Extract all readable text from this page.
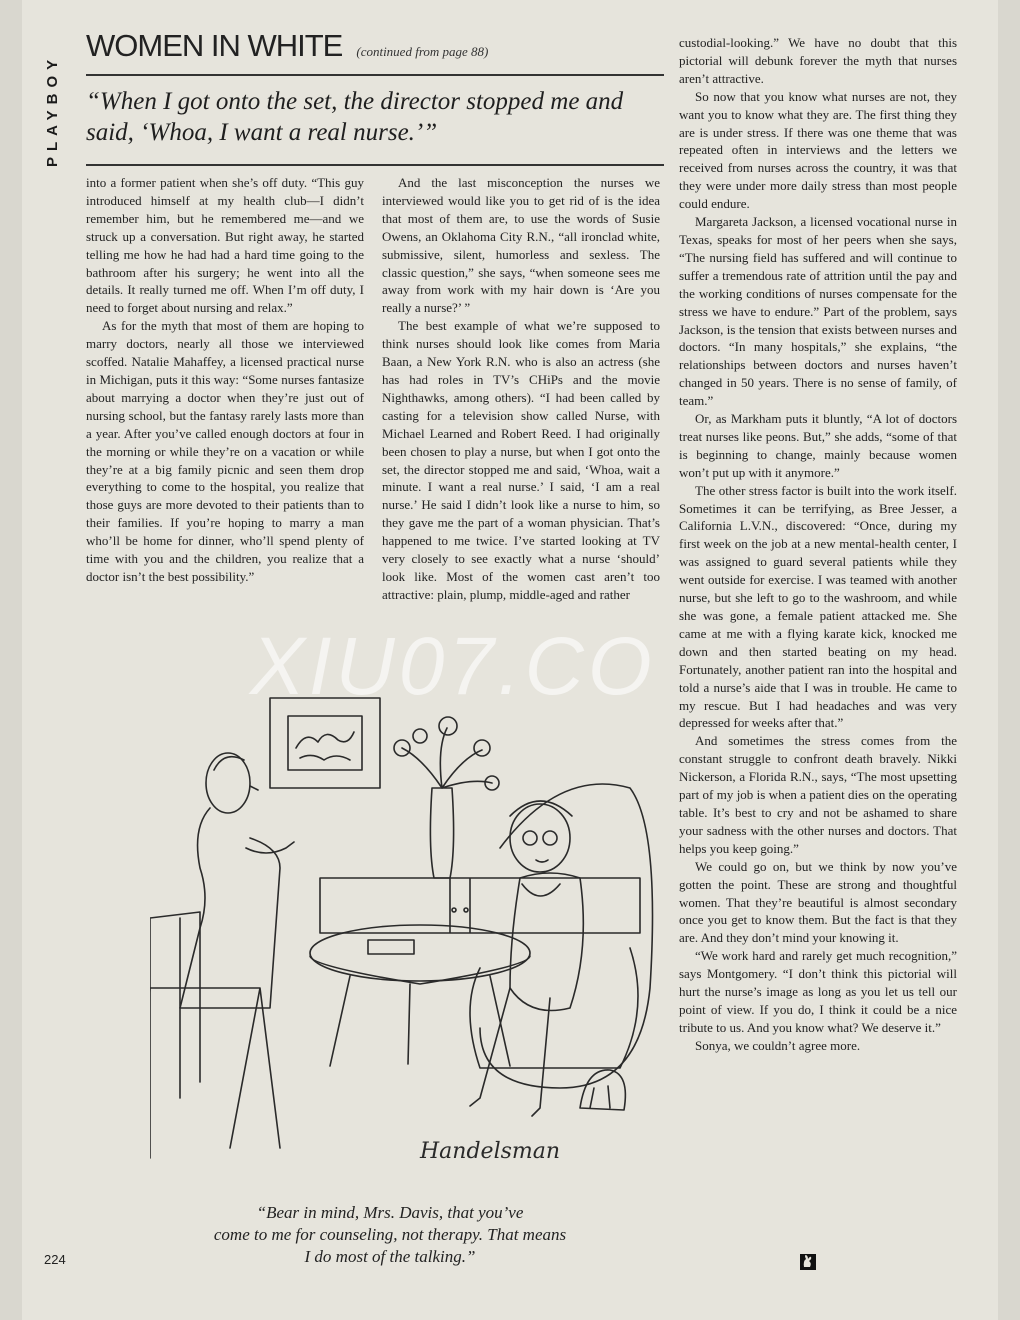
PLAYBOY
WOMEN IN WHITE (continued from page 88)
“When I got onto the set, the director stopped me and said, ‘Whoa, I want a real nurse.’”

into a former patient when she’s off duty. “This guy introduced himself at my health club—I didn’t remember him, but he remembered me—and we struck up a conversation. But right away, he started telling me how he had had a hard time going to the bathroom after his surgery; he went into all the details. It really turned me off. When I’m off duty, I need to forget about nursing and relax.”

As for the myth that most of them are hoping to marry doctors, nearly all those we interviewed scoffed. Natalie Mahaffey, a licensed practical nurse in Michigan, puts it this way: “Some nurses fantasize about marrying a doctor when they’re just out of nursing school, but the fantasy rarely lasts more than a year. After you’ve called enough doctors at four in the morning or while they’re on a vacation or while they’re at a big family picnic and seen them drop everything to come to the hospital, you realize that those guys are more devoted to their patients than to their families. If you’re hoping to marry a man who’ll be home for dinner, who’ll spend plenty of time with you and the children, you realize that a doctor isn’t the best possibility.”

And the last misconception the nurses we interviewed would like you to get rid of is the idea that most of them are, to use the words of Susie Owens, an Oklahoma City R.N., “all ironclad white, submissive, silent, humorless and sexless. The classic question,” she says, “when someone sees me away from work with my hair down is ‘Are you really a nurse?’ ”

The best example of what we’re supposed to think nurses should look like comes from Maria Baan, a New York R.N. who is also an actress (she has had roles in TV’s CHiPs and the movie Nighthawks, among others). “I had been called by casting for a television show called Nurse, with Michael Learned and Robert Reed. I had originally been chosen to play a nurse, but when I got onto the set, the director stopped me and said, ‘Whoa, wait a minute. I want a real nurse.’ I said, ‘I am a real nurse.’ He said I didn’t look like a nurse to him, so they gave me the part of a woman physician. That’s happened to me twice. I’ve started looking at TV very closely to see exactly what a nurse ‘should’ look like. Most of the women cast aren’t too attractive: plain, plump, middle-aged and rather

custodial-looking.” We have no doubt that this pictorial will debunk forever the myth that nurses aren’t attractive.

So now that you know what nurses are not, they want you to know what they are. The first thing they are is under stress. If there was one theme that was repeated often in interviews and the letters we received from nurses across the country, it was that they were under more daily stress than most people could endure.

Margareta Jackson, a licensed vocational nurse in Texas, speaks for most of her peers when she says, “The nursing field has suffered and will continue to suffer a tremendous rate of attrition until the pay and the working conditions of nurses compensate for the stress we have to endure.” Part of the problem, says Jackson, is the tension that exists between nurses and doctors. “In many hospitals,” she explains, “the relationships between doctors and nurses haven’t changed in 50 years. There is no sense of family, of team.”

Or, as Markham puts it bluntly, “A lot of doctors treat nurses like peons. But,” she adds, “some of that is beginning to change, mainly because women won’t put up with it anymore.”

The other stress factor is built into the work itself. Sometimes it can be terrifying, as Bree Jesser, a California L.V.N., discovered: “Once, during my first week on the job at a new mental-health center, I was assigned to guard several patients while they went outside for exercise. I was teamed with another nurse, but she left to go to the washroom, and while she was gone, a female patient attacked me. She came at me with a flying karate kick, knocked me down and then started beating on my head. Fortunately, another patient ran into the hospital and told a nurse’s aide that I was in trouble. He came to my rescue. But I had headaches and was very depressed for weeks after that.”

And sometimes the stress comes from the constant struggle to confront death bravely. Nikki Nickerson, a Florida R.N., says, “The most upsetting part of my job is when a patient dies on the operating table. It’s best to cry and not be ashamed to share your sadness with the other nurses and doctors. That helps you keep going.”

We could go on, but we think by now you’ve gotten the point. These are strong and thoughtful women. That they’re beautiful is almost secondary once you get to know them. But the fact is that they are. And they don’t mind your knowing it.

“We work hard and rarely get much recognition,” says Montgomery. “I don’t think this pictorial will hurt the nurse’s image as long as you let us tell our point of view. If you do, I think it could be a nice tribute to us. And you know what? We deserve it.”

Sonya, we couldn’t agree more.

Handelsman
“Bear in mind, Mrs. Davis, that you’ve
come to me for counseling, not therapy. That means
I do most of the talking.”
224
XIU07.CO
